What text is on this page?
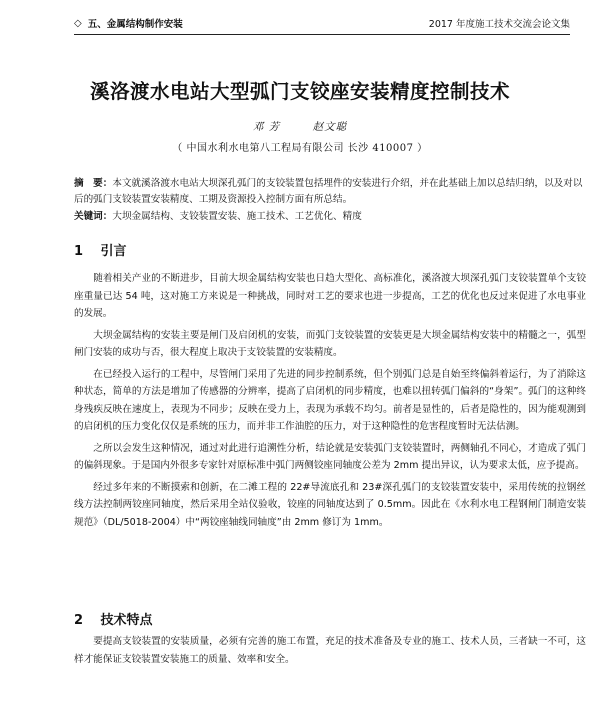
◇ 五、金属结构制作安装	2017 年度施工技术交流会论文集
溪洛渡水电站大型弧门支铰座安装精度控制技术
邓 芳	赵文聪
（ 中国水利水电第八工程局有限公司 长沙 410007 ）
摘　要：本文就溪洛渡水电站大坝深孔弧门的支铰装置包括埋件的安装进行介绍，并在此基础上加以总结归纳，以及对以后的弧门支铰装置安装精度、工期及资源投入控制方面有所总结。
关键词：大坝金属结构、支铰装置安装、施工技术、工艺优化、精度
1 引言

随着相关产业的不断进步，目前大坝金属结构安装也日趋大型化、高标准化，溪洛渡大坝深孔弧门支铰装置单个支铰座重量已达 54 吨，这对施工方来说是一种挑战，同时对工艺的要求也进一步提高，工艺的优化也反过来促进了水电事业的发展。

大坝金属结构的安装主要是闸门及启闭机的安装，而弧门支铰装置的安装更是大坝金属结构安装中的精髓之一，弧型闸门安装的成功与否，很大程度上取决于支铰装置的安装精度。

在已经投入运行的工程中，尽管闸门采用了先进的同步控制系统，但个别弧门总是自始至终偏斜着运行，为了消除这种状态，简单的方法是增加了传感器的分辨率，提高了启闭机的同步精度，也难以扭转弧门偏斜的“身架”。弧门的这种终身残疾反映在速度上，表现为不同步；反映在受力上，表现为承载不均匀。前者是显性的，后者是隐性的，因为能观测到的启闭机的压力变化仅仅是系统的压力，而并非工作油腔的压力，对于这种隐性的危害程度暂时无法估测。

之所以会发生这种情况，通过对此进行追溯性分析，结论就是安装弧门支铰装置时，两侧轴孔不同心，才造成了弧门的偏斜现象。于是国内外很多专家针对原标准中弧门两侧铰座同轴度公差为 2mm 提出异议，认为要求太低，应予提高。

经过多年来的不断摸索和创新，在二滩工程的 22#导流底孔和 23#深孔弧门的支铰装置安装中，采用传统的拉钢丝线方法控制两铰座同轴度，然后采用全站仪验收，铰座的同轴度达到了 0.5mm。因此在《水利水电工程钢闸门制造安装规范》（DL/5018-2004）中“两铰座轴线同轴度”由 2mm 修订为 1mm。

2 技术特点

要提高支铰装置的安装质量，必须有完善的施工布置，充足的技术准备及专业的施工、技术人员，三者缺一不可，这样才能保证支铰装置安装施工的质量、效率和安全。
